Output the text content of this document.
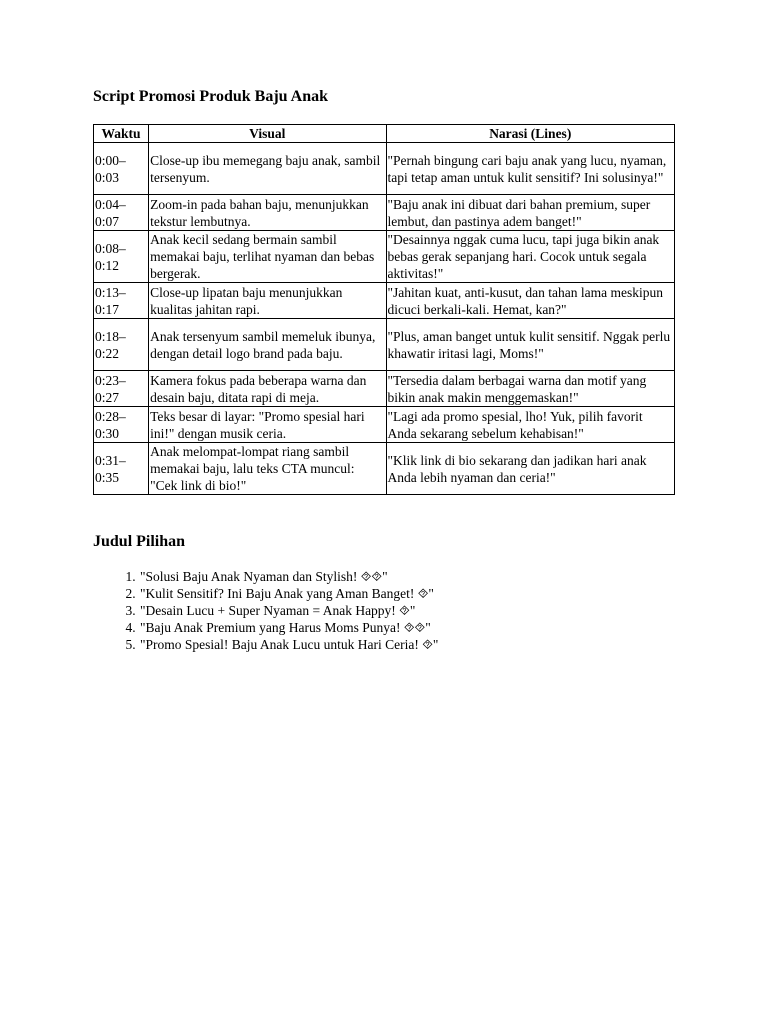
Script Promosi Produk Baju Anak
Waktu	Visual	Narasi (Lines)
0:00– 0:03	Close-up ibu memegang baju anak, sambil tersenyum.	"Pernah bingung cari baju anak yang lucu, nyaman, tapi tetap aman untuk kulit sensitif? Ini solusinya!"
0:04– 0:07	Zoom-in pada bahan baju, menunjukkan tekstur lembutnya.	"Baju anak ini dibuat dari bahan premium, super lembut, dan pastinya adem banget!"
0:08– 0:12	Anak kecil sedang bermain sambil memakai baju, terlihat nyaman dan bebas bergerak.	"Desainnya nggak cuma lucu, tapi juga bikin anak bebas gerak sepanjang hari. Cocok untuk segala aktivitas!"
0:13– 0:17	Close-up lipatan baju menunjukkan kualitas jahitan rapi.	"Jahitan kuat, anti-kusut, dan tahan lama meskipun dicuci berkali-kali. Hemat, kan?"
0:18– 0:22	Anak tersenyum sambil memeluk ibunya, dengan detail logo brand pada baju.	"Plus, aman banget untuk kulit sensitif. Nggak perlu khawatir iritasi lagi, Moms!"
0:23– 0:27	Kamera fokus pada beberapa warna dan desain baju, ditata rapi di meja.	"Tersedia dalam berbagai warna dan motif yang bikin anak makin menggemaskan!"
0:28– 0:30	Teks besar di layar: "Promo spesial hari ini!" dengan musik ceria.	"Lagi ada promo spesial, lho! Yuk, pilih favorit Anda sekarang sebelum kehabisan!"
0:31– 0:35	Anak melompat-lompat riang sambil memakai baju, lalu teks CTA muncul: "Cek link di bio!"	"Klik link di bio sekarang dan jadikan hari anak Anda lebih nyaman dan ceria!"
Judul Pilihan
1. "Solusi Baju Anak Nyaman dan Stylish! ⯑⯑"
2. "Kulit Sensitif? Ini Baju Anak yang Aman Banget! ⯑"
3. "Desain Lucu + Super Nyaman = Anak Happy! ⯑"
4. "Baju Anak Premium yang Harus Moms Punya! ⯑⯑"
5. "Promo Spesial! Baju Anak Lucu untuk Hari Ceria! ⯑"
